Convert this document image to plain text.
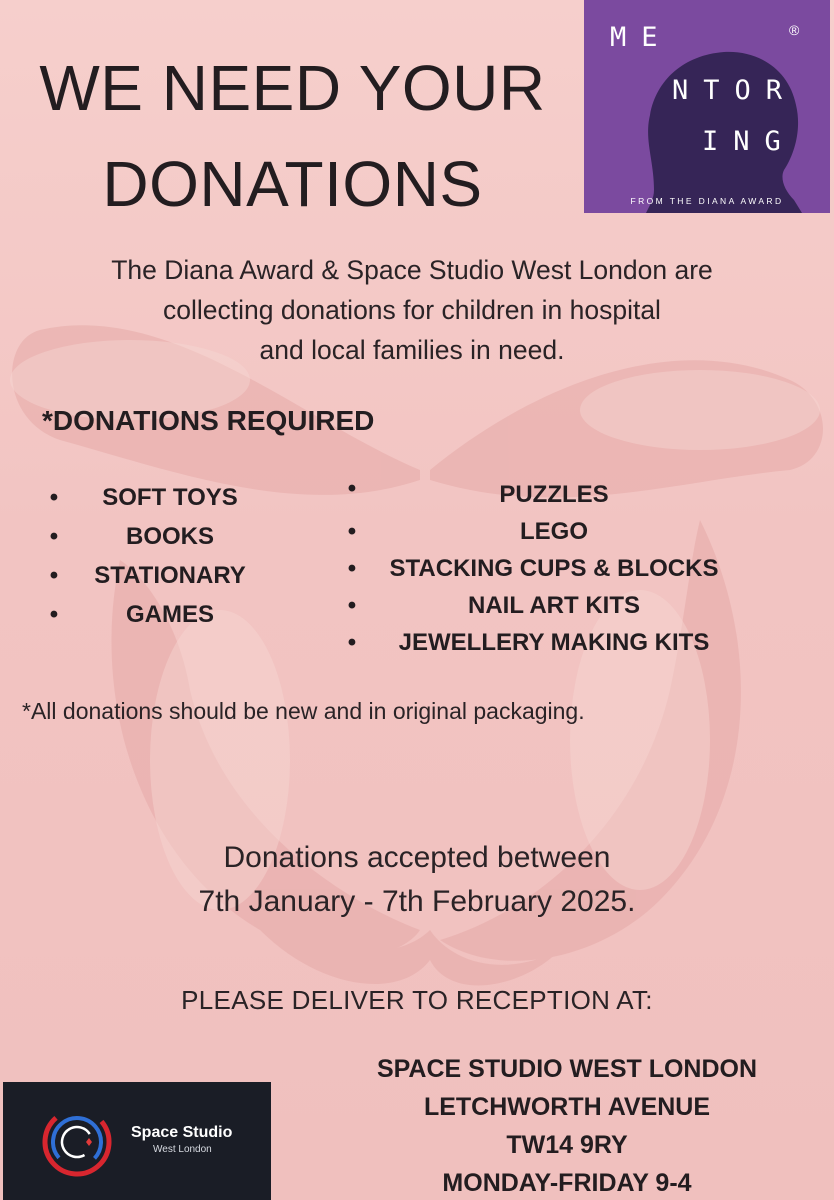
WE NEED YOUR
DONATIONS
ME	®
NTOR
ING
FROM THE DIANA AWARD
The Diana Award & Space Studio West London are
collecting donations for children in hospital
and local families in need.
*DONATIONS REQUIRED
•	SOFT TOYS
•	BOOKS
•	STATIONARY
•	GAMES
•	PUZZLES
•	LEGO
•	STACKING CUPS & BLOCKS
•	NAIL ART KITS
•	JEWELLERY MAKING KITS
*All donations should be new and in original packaging.
Donations accepted between
7th January - 7th February 2025.
PLEASE DELIVER TO RECEPTION AT:
SPACE STUDIO WEST LONDON
LETCHWORTH AVENUE
TW14 9RY
MONDAY-FRIDAY 9-4
Space Studio
West London
